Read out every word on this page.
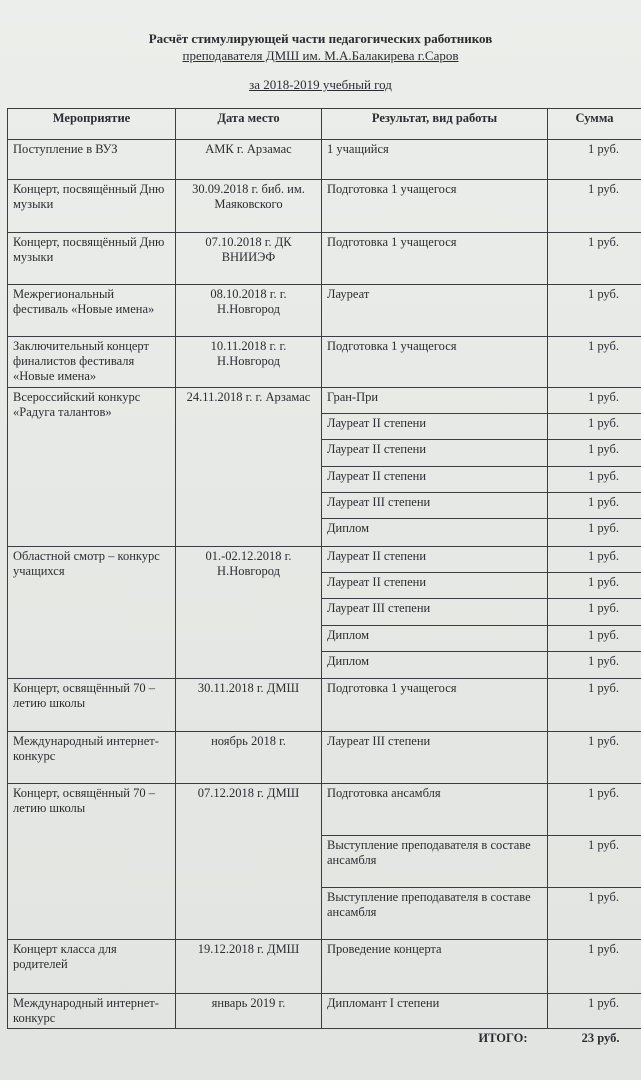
Расчёт стимулирующей части педагогических работников
преподавателя ДМШ им. М.А.Балакирева г.Саров
за 2018-2019 учебный год
Мероприятие	Дата место	Результат, вид работы	Сумма
Поступление в ВУЗ	АМК г. Арзамас	1 учащийся	1 руб.
Концерт, посвящённый Дню музыки	30.09.2018 г. биб. им. Маяковского	Подготовка 1 учащегося	1 руб.
Концерт, посвящённый Дню музыки	07.10.2018 г. ДК ВНИИЭФ	Подготовка 1 учащегося	1 руб.
Межрегиональный фестиваль «Новые имена»	08.10.2018 г. г. Н.Новгород	Лауреат	1 руб.
Заключительный концерт финалистов фестиваля «Новые имена»	10.11.2018 г. г. Н.Новгород	Подготовка 1 учащегося	1 руб.
Всероссийский конкурс «Радуга талантов»	24.11.2018 г. г. Арзамас	Гран-При	1 руб.
		Лауреат II степени	1 руб.
		Лауреат II степени	1 руб.
		Лауреат II степени	1 руб.
		Лауреат III степени	1 руб.
		Диплом	1 руб.
Областной смотр – конкурс учащихся	01.-02.12.2018 г. Н.Новгород	Лауреат II степени	1 руб.
		Лауреат II степени	1 руб.
		Лауреат III степени	1 руб.
		Диплом	1 руб.
		Диплом	1 руб.
Концерт, освящённый 70 –летию школы	30.11.2018 г. ДМШ	Подготовка 1 учащегося	1 руб.
Международный интернет- конкурс	ноябрь 2018 г.	Лауреат III степени	1 руб.
Концерт, освящённый 70 –летию школы	07.12.2018 г. ДМШ	Подготовка ансамбля	1 руб.
		Выступление преподавателя в составе ансамбля	1 руб.
		Выступление преподавателя в составе ансамбля	1 руб.
Концерт класса для родителей	19.12.2018 г. ДМШ	Проведение концерта	1 руб.
Международный интернет- конкурс	январь 2019 г.	Дипломант I степени	1 руб.
ИТОГО:			23 руб.
